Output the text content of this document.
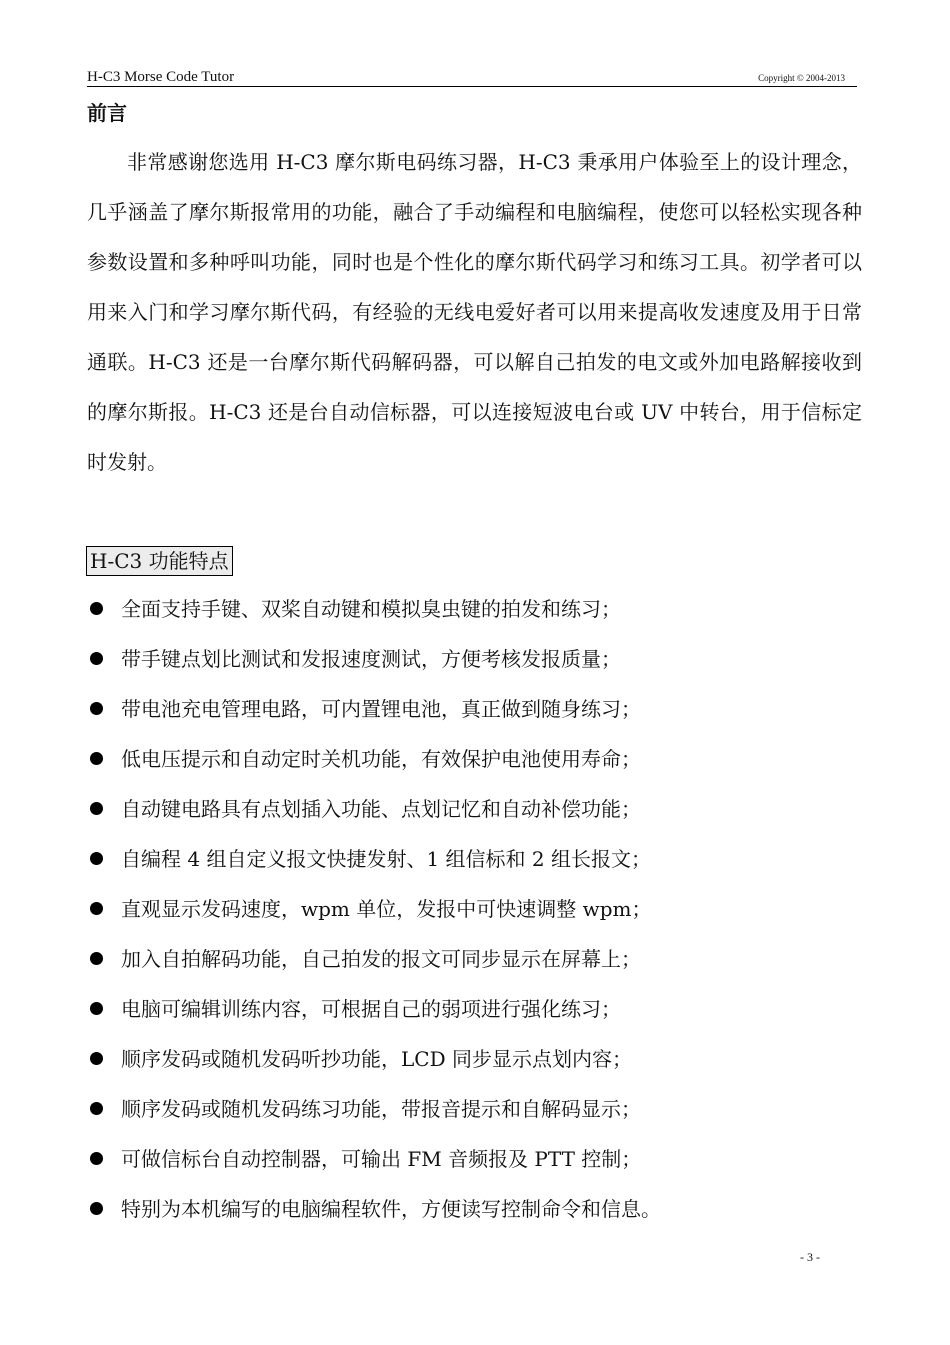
H-C3 Morse Code Tutor	Copyright © 2004-2013
前言

非常感谢您选用 H-C3 摩尔斯电码练习器，H-C3 秉承用户体验至上的设计理念，几乎涵盖了摩尔斯报常用的功能，融合了手动编程和电脑编程，使您可以轻松实现各种参数设置和多种呼叫功能，同时也是个性化的摩尔斯代码学习和练习工具。初学者可以用来入门和学习摩尔斯代码，有经验的无线电爱好者可以用来提高收发速度及用于日常通联。H-C3 还是一台摩尔斯代码解码器，可以解自己拍发的电文或外加电路解接收到的摩尔斯报。H-C3 还是台自动信标器，可以连接短波电台或 UV 中转台，用于信标定时发射。

H-C3 功能特点
全面支持手键、双桨自动键和模拟臭虫键的拍发和练习；
带手键点划比测试和发报速度测试，方便考核发报质量；
带电池充电管理电路，可内置锂电池，真正做到随身练习；
低电压提示和自动定时关机功能，有效保护电池使用寿命；
自动键电路具有点划插入功能、点划记忆和自动补偿功能；
自编程 4 组自定义报文快捷发射、1 组信标和 2 组长报文；
直观显示发码速度，wpm 单位，发报中可快速调整 wpm；
加入自拍解码功能，自己拍发的报文可同步显示在屏幕上；
电脑可编辑训练内容，可根据自己的弱项进行强化练习；
顺序发码或随机发码听抄功能，LCD 同步显示点划内容；
顺序发码或随机发码练习功能，带报音提示和自解码显示；
可做信标台自动控制器，可输出 FM 音频报及 PTT 控制；
特别为本机编写的电脑编程软件，方便读写控制命令和信息。
- 3 -
